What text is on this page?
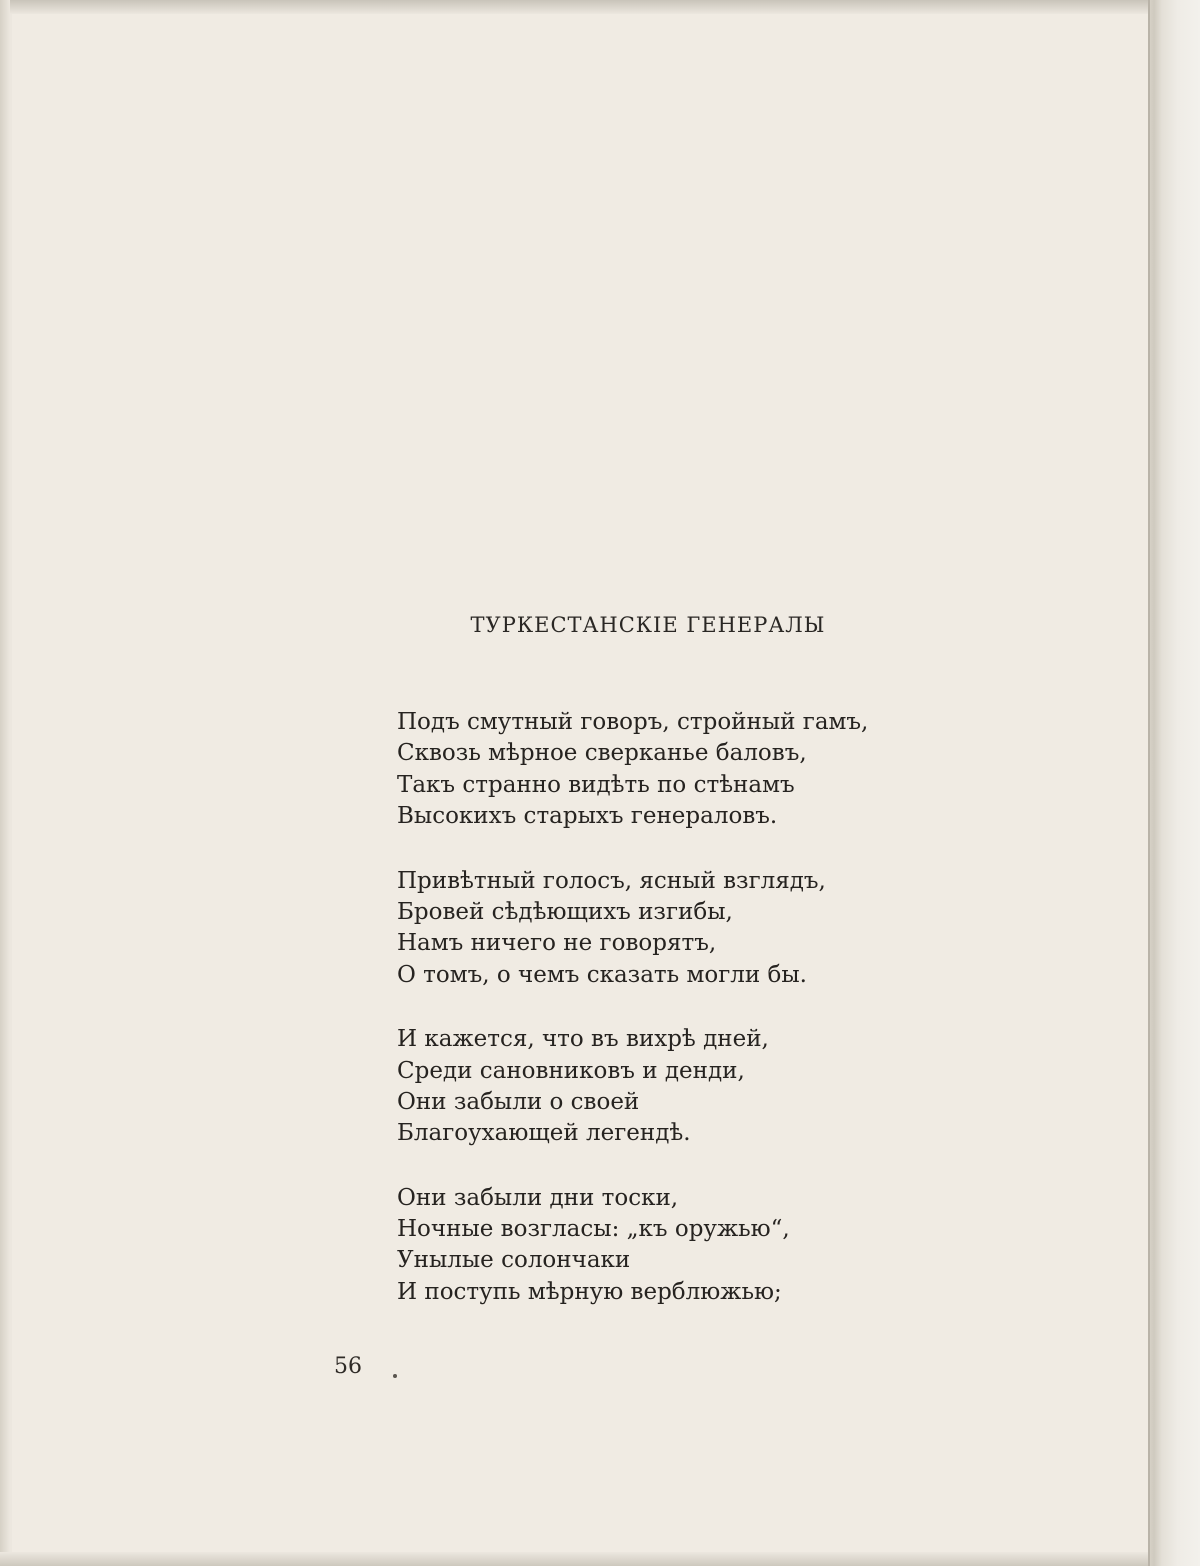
ТУРКЕСТАНСКІЕ ГЕНЕРАЛЫ
Подъ смутный говоръ, стройный гамъ,
Сквозь мѣрное сверканье баловъ,
Такъ странно видѣть по стѣнамъ
Высокихъ старыхъ генераловъ.
Привѣтный голосъ, ясный взглядъ,
Бровей сѣдѣющихъ изгибы,
Намъ ничего не говорятъ,
О томъ, о чемъ сказать могли бы.
И кажется, что въ вихрѣ дней,
Среди сановниковъ и денди,
Они забыли о своей
Благоухающей легендѣ.
Они забыли дни тоски,
Ночные возгласы: „къ оружью“,
Унылые солончаки
И поступь мѣрную верблюжью;
56
